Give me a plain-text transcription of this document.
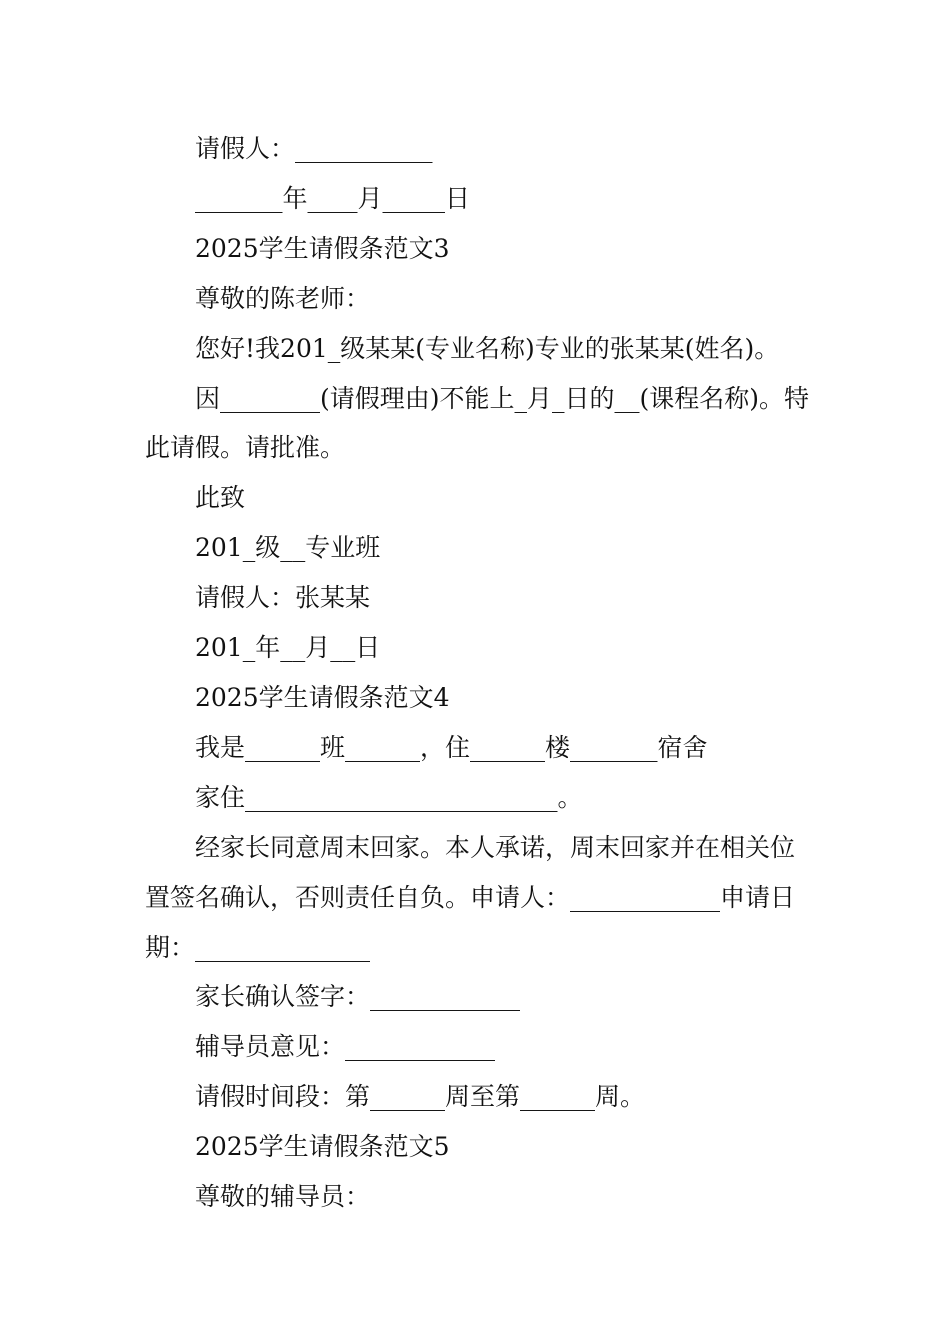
请假人：___________

_______年____月_____日

2025学生请假条范文3

尊敬的陈老师：

您好!我201_级某某(专业名称)专业的张某某(姓名)。

因________(请假理由)不能上_月_日的__(课程名称)。特此请假。请批准。

此致

201_级__专业班

请假人：张某某

201_年__月__日

2025学生请假条范文4

我是______班______，住______楼_______宿舍

家住_________________________。

经家长同意周末回家。本人承诺，周末回家并在相关位置签名确认，否则责任自负。申请人：____________申请日期：______________

家长确认签字：____________

辅导员意见：____________

请假时间段：第______周至第______周。

2025学生请假条范文5

尊敬的辅导员：
